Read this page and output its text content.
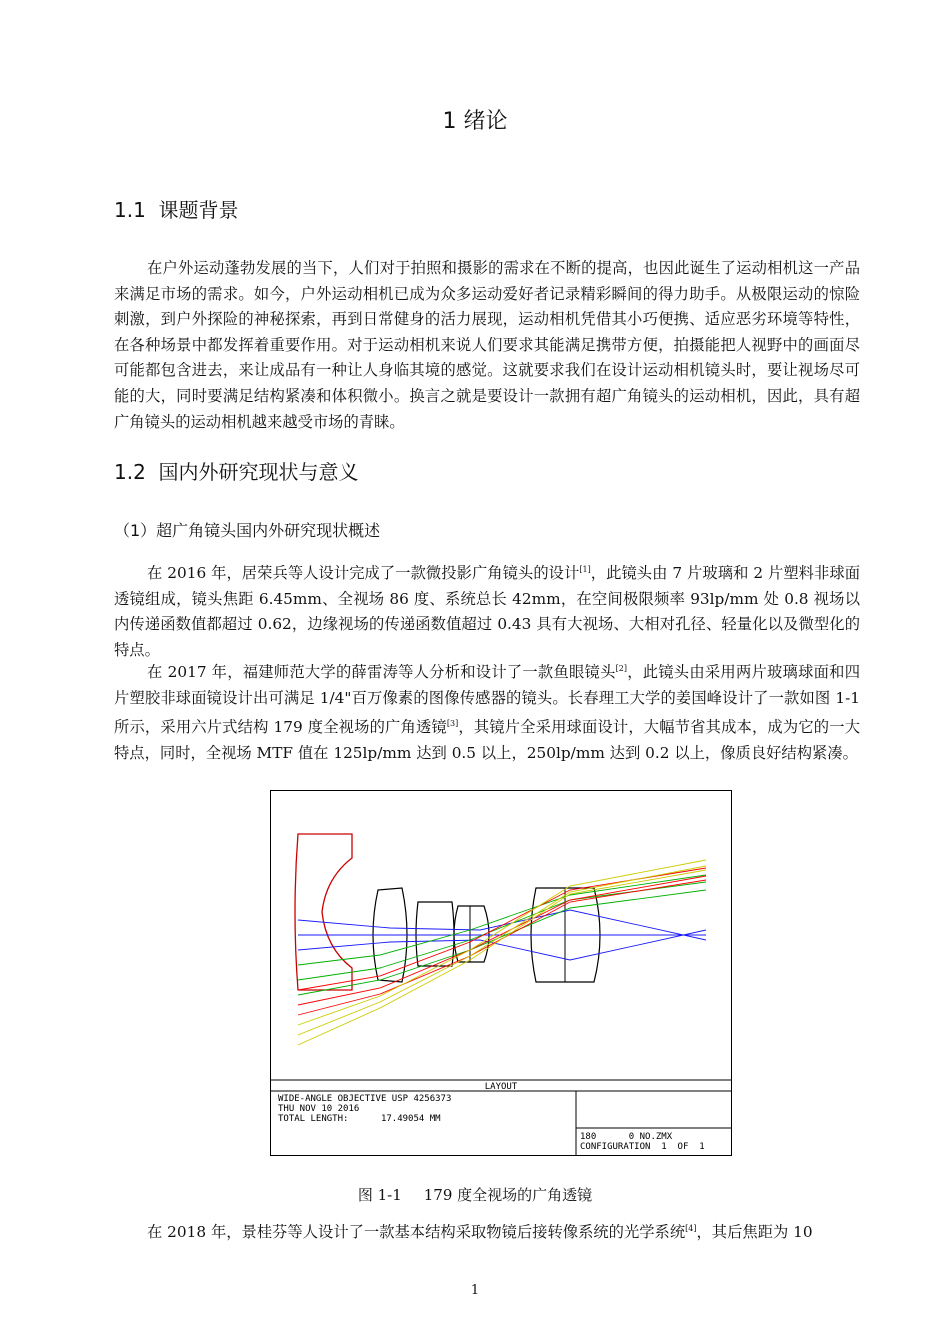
1 绪论
1.1 课题背景

在户外运动蓬勃发展的当下，人们对于拍照和摄影的需求在不断的提高，也因此诞生了运动相机这一产品来满足市场的需求。如今，户外运动相机已成为众多运动爱好者记录精彩瞬间的得力助手。从极限运动的惊险刺激，到户外探险的神秘探索，再到日常健身的活力展现，运动相机凭借其小巧便携、适应恶劣环境等特性，在各种场景中都发挥着重要作用。对于运动相机来说人们要求其能满足携带方便，拍摄能把人视野中的画面尽可能都包含进去，来让成品有一种让人身临其境的感觉。这就要求我们在设计运动相机镜头时，要让视场尽可能的大，同时要满足结构紧凑和体积微小。换言之就是要设计一款拥有超广角镜头的运动相机，因此，具有超广角镜头的运动相机越来越受市场的青睐。

1.2 国内外研究现状与意义
（1）超广角镜头国内外研究现状概述

在 2016 年，居荣兵等人设计完成了一款微投影广角镜头的设计[1]，此镜头由 7 片玻璃和 2 片塑料非球面透镜组成，镜头焦距 6.45mm、全视场 86 度、系统总长 42mm，在空间极限频率 93lp/mm 处 0.8 视场以内传递函数值都超过 0.62，边缘视场的传递函数值超过 0.43 具有大视场、大相对孔径、轻量化以及微型化的特点。

在 2017 年，福建师范大学的薛雷涛等人分析和设计了一款鱼眼镜头[2]，此镜头由采用两片玻璃球面和四片塑胶非球面镜设计出可满足 1/4"百万像素的图像传感器的镜头。长春理工大学的姜国峰设计了一款如图 1-1 所示，采用六片式结构 179 度全视场的广角透镜[3]，其镜片全采用球面设计，大幅节省其成本，成为它的一大特点，同时，全视场 MTF 值在 125lp/mm 达到 0.5 以上，250lp/mm 达到 0.2 以上，像质良好结构紧凑。

LAYOUT
WIDE-ANGLE OBJECTIVE USP 4256373
THU NOV 10 2016
TOTAL LENGTH:      17.49054 MM
180      0 NO.ZMX
CONFIGURATION  1  OF  1
图 1-1 179 度全视场的广角透镜

在 2018 年，景桂芬等人设计了一款基本结构采取物镜后接转像系统的光学系统[4]，其后焦距为 10

1
